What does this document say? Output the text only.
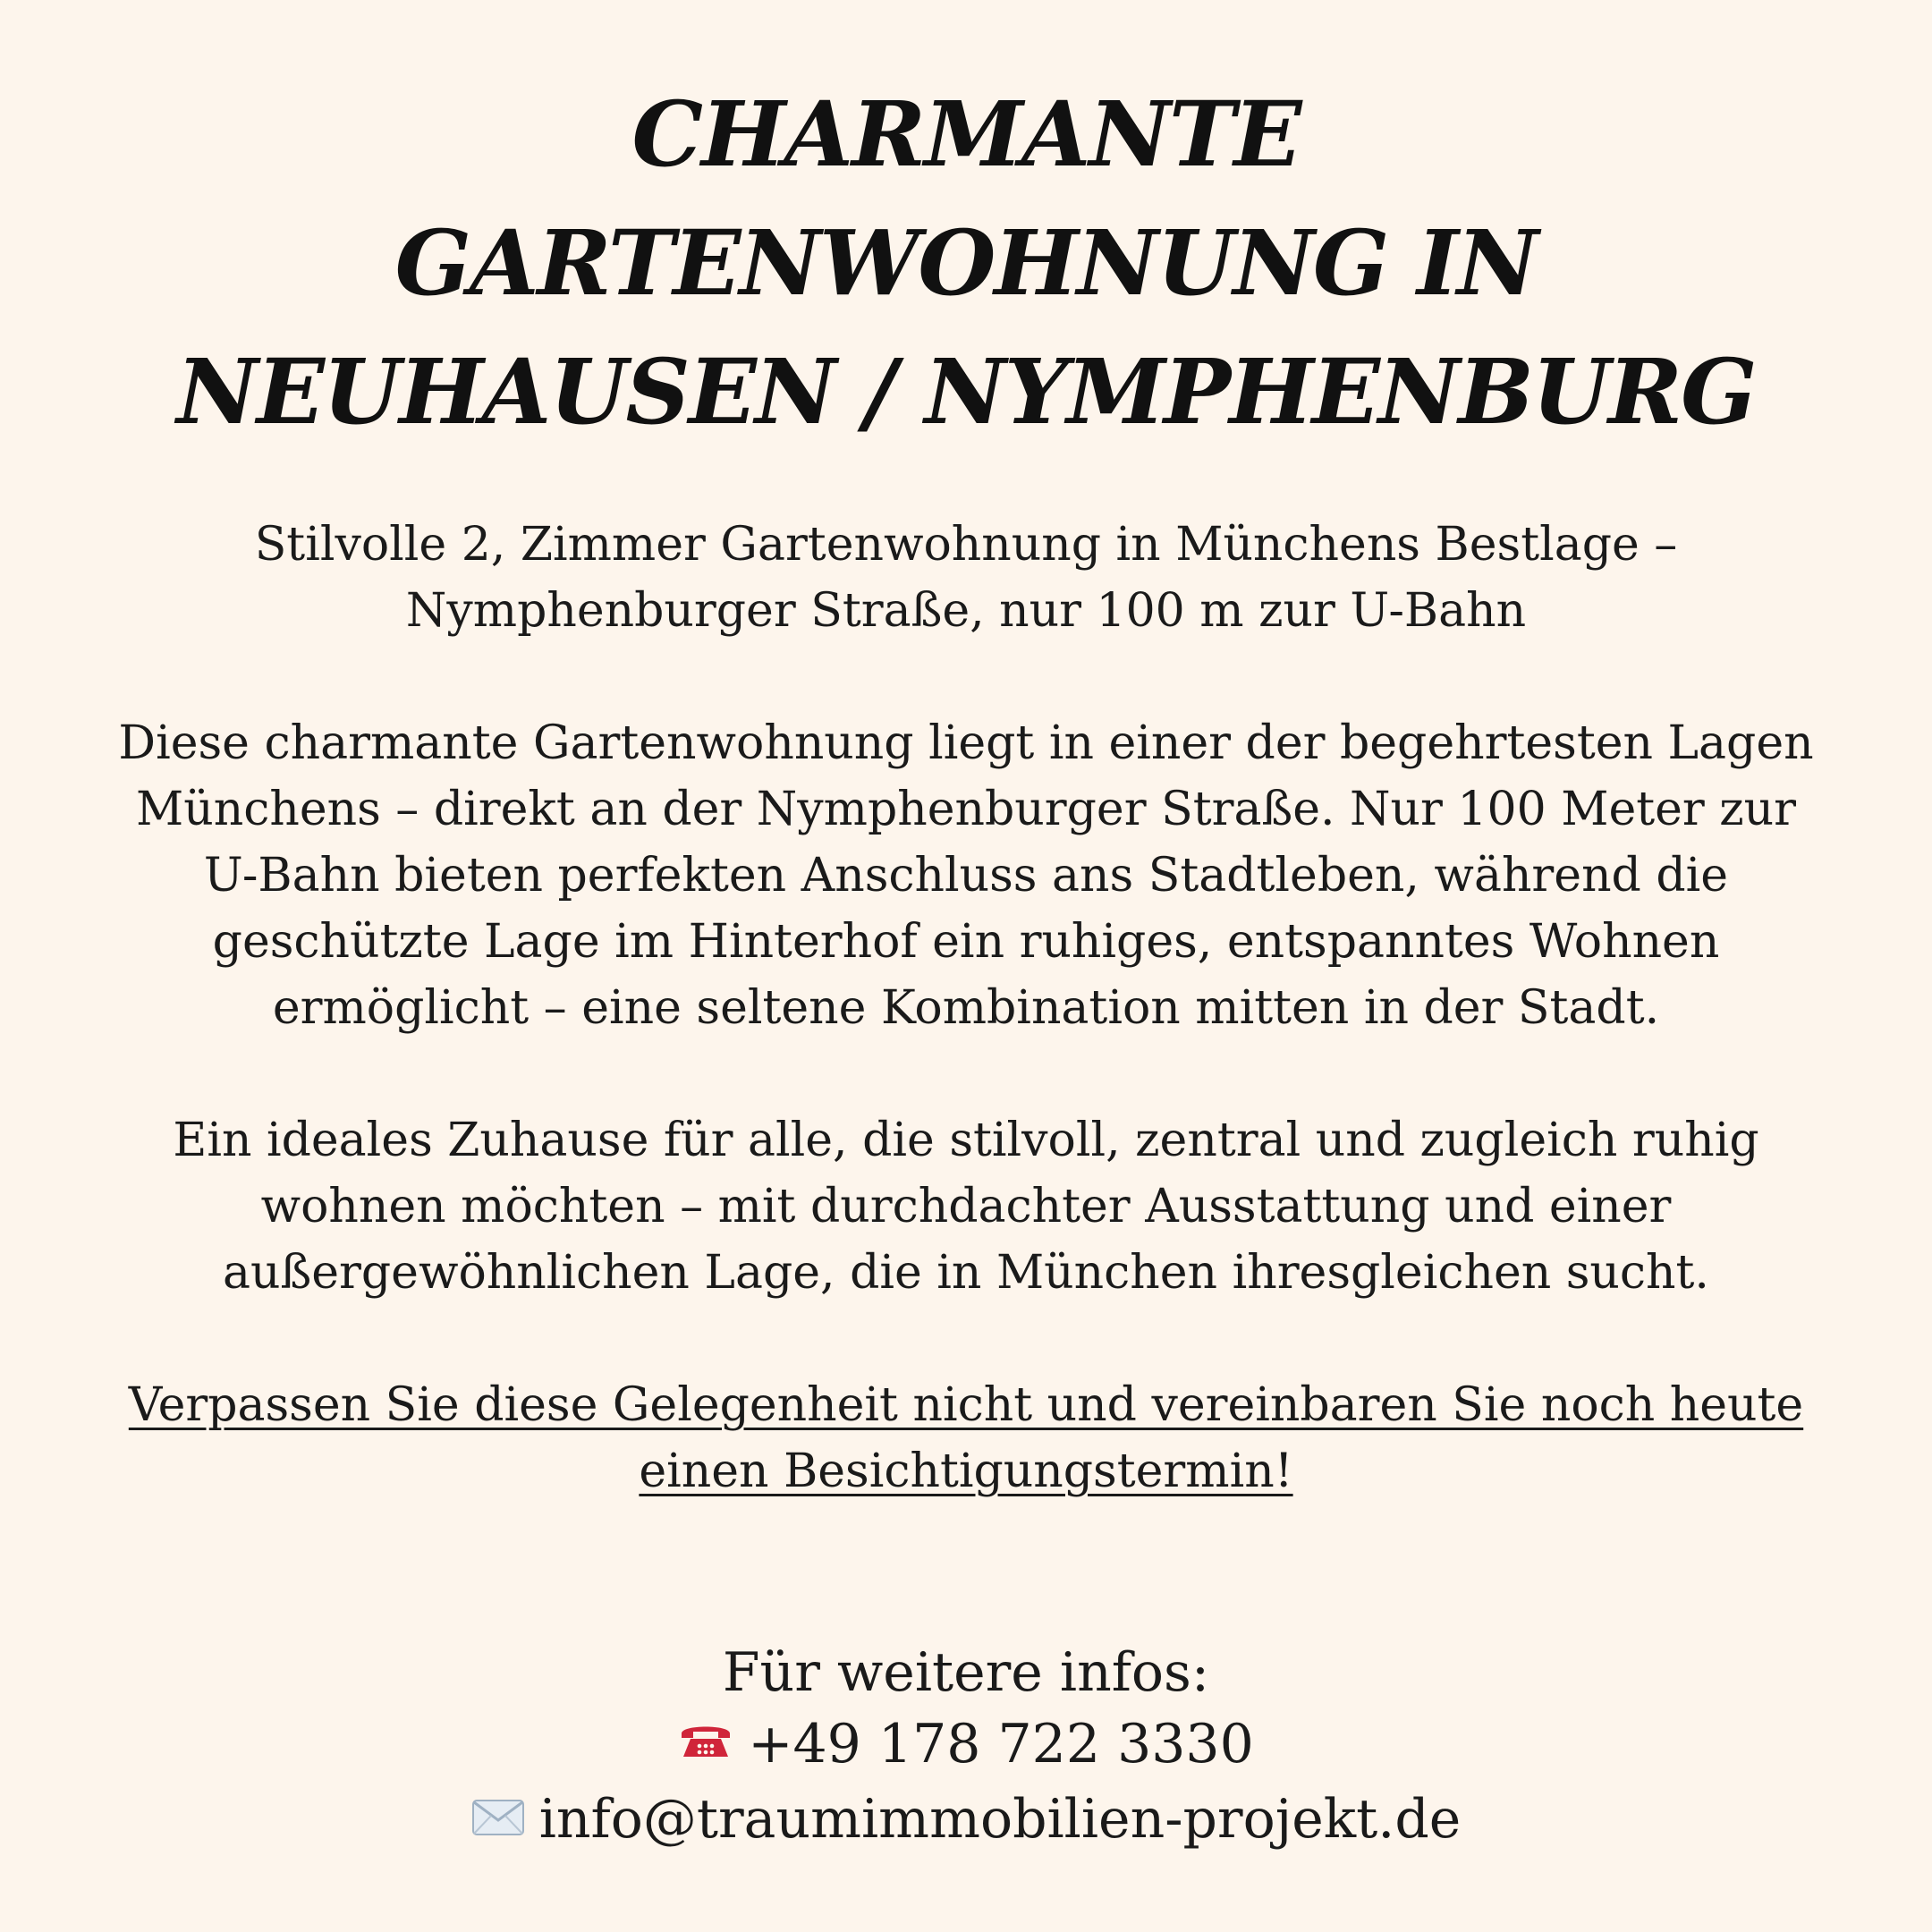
CHARMANTE
GARTENWOHNUNG IN
NEUHAUSEN / NYMPHENBURG
Stilvolle 2, Zimmer Gartenwohnung in Münchens Bestlage –
Nymphenburger Straße, nur 100 m zur U-Bahn
Diese charmante Gartenwohnung liegt in einer der begehrtesten Lagen
Münchens – direkt an der Nymphenburger Straße. Nur 100 Meter zur
U-Bahn bieten perfekten Anschluss ans Stadtleben, während die
geschützte Lage im Hinterhof ein ruhiges, entspanntes Wohnen
ermöglicht – eine seltene Kombination mitten in der Stadt.
Ein ideales Zuhause für alle, die stilvoll, zentral und zugleich ruhig
wohnen möchten – mit durchdachter Ausstattung und einer
außergewöhnlichen Lage, die in München ihresgleichen sucht.
Verpassen Sie diese Gelegenheit nicht und vereinbaren Sie noch heute
einen Besichtigungstermin!
Für weitere infos:
+49 178 722 3330
info@traumimmobilien-projekt.de
